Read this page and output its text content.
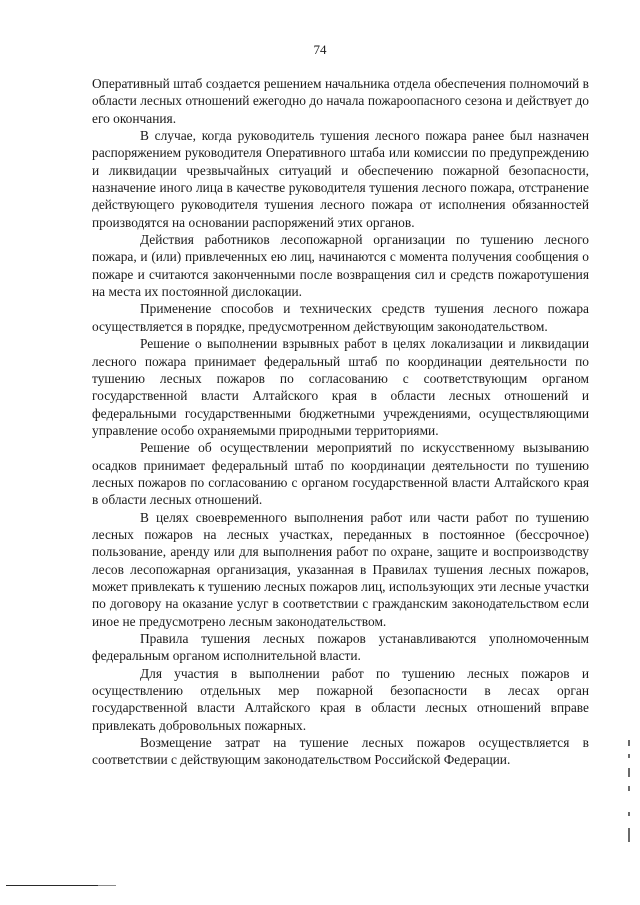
74

Оперативный штаб создается решением начальника отдела обеспечения полномочий в области лесных отношений ежегодно до начала пожароопасного сезона и действует до его окончания.

В случае, когда руководитель тушения лесного пожара ранее был назначен распоряжением руководителя Оперативного штаба или комиссии по предупреждению и ликвидации чрезвычайных ситуаций и обеспечению пожарной безопасности, назначение иного лица в качестве руководителя тушения лесного пожара, отстранение действующего руководителя тушения лесного пожара от исполнения обязанностей производятся на основании распоряжений этих органов.

Действия работников лесопожарной организации по тушению лесного пожара, и (или) привлеченных ею лиц, начинаются с момента получения сообщения о пожаре и считаются законченными после возвращения сил и средств пожаротушения на места их постоянной дислокации.

Применение способов и технических средств тушения лесного пожара осуществляется в порядке, предусмотренном действующим законодательством.

Решение о выполнении взрывных работ в целях локализации и ликвидации лесного пожара принимает федеральный штаб по координации деятельности по тушению лесных пожаров по согласованию с соответствующим органом государственной власти Алтайского края в области лесных отношений и федеральными государственными бюджетными учреждениями, осуществляющими управление особо охраняемыми природными территориями.

Решение об осуществлении мероприятий по искусственному вызыванию осадков принимает федеральный штаб по координации деятельности по тушению лесных пожаров по согласованию с органом государственной власти Алтайского края в области лесных отношений.

В целях своевременного выполнения работ или части работ по тушению лесных пожаров на лесных участках, переданных в постоянное (бессрочное) пользование, аренду или для выполнения работ по охране, защите и воспроизводству лесов лесопожарная организация, указанная в Правилах тушения лесных пожаров, может привлекать к тушению лесных пожаров лиц, использующих эти лесные участки по договору на оказание услуг в соответствии с гражданским законодательством если иное не предусмотрено лесным законодательством.

Правила тушения лесных пожаров устанавливаются уполномоченным федеральным органом исполнительной власти.

Для участия в выполнении работ по тушению лесных пожаров и осуществлению отдельных мер пожарной безопасности в лесах орган государственной власти Алтайского края в области лесных отношений вправе привлекать добровольных пожарных.

Возмещение затрат на тушение лесных пожаров осуществляется в соответствии с действующим законодательством Российской Федерации.
